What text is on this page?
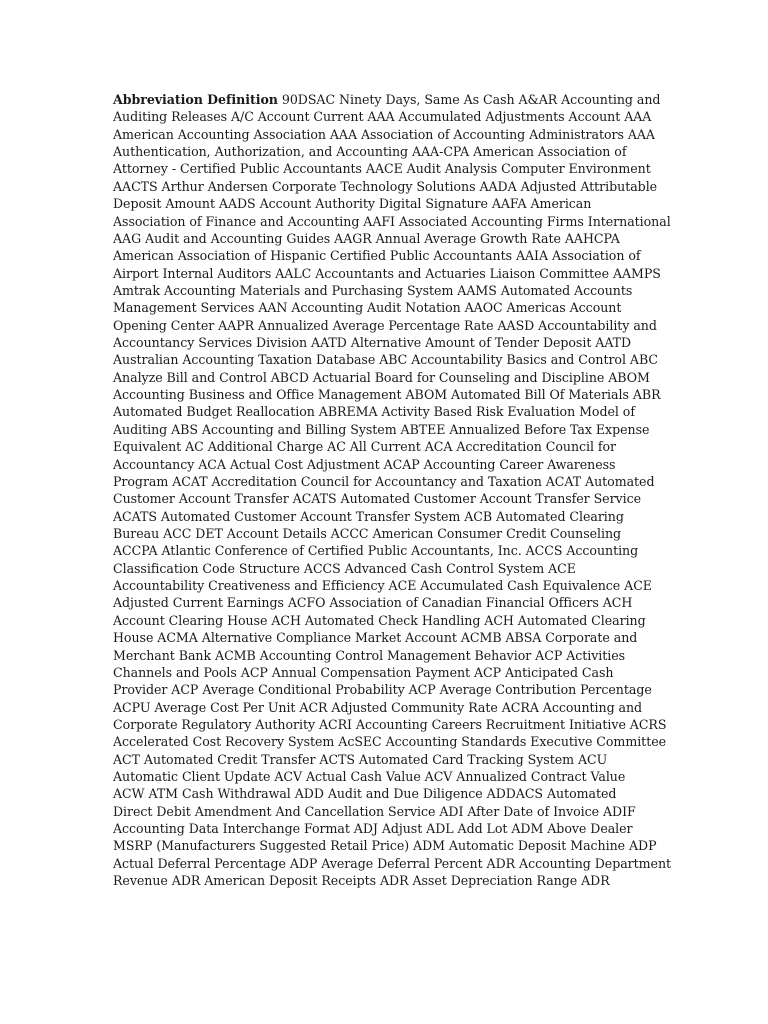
Abbreviation Definition 90DSAC Ninety Days, Same As Cash A&AR Accounting and
Auditing Releases A/C Account Current AAA Accumulated Adjustments Account AAA
American Accounting Association AAA Association of Accounting Administrators AAA
Authentication, Authorization, and Accounting AAA-CPA American Association of
Attorney - Certified Public Accountants AACE Audit Analysis Computer Environment
AACTS Arthur Andersen Corporate Technology Solutions AADA Adjusted Attributable
Deposit Amount AADS Account Authority Digital Signature AAFA American
Association of Finance and Accounting AAFI Associated Accounting Firms International
AAG Audit and Accounting Guides AAGR Annual Average Growth Rate AAHCPA
American Association of Hispanic Certified Public Accountants AAIA Association of
Airport Internal Auditors AALC Accountants and Actuaries Liaison Committee AAMPS
Amtrak Accounting Materials and Purchasing System AAMS Automated Accounts
Management Services AAN Accounting Audit Notation AAOC Americas Account
Opening Center AAPR Annualized Average Percentage Rate AASD Accountability and
Accountancy Services Division AATD Alternative Amount of Tender Deposit AATD
Australian Accounting Taxation Database ABC Accountability Basics and Control ABC
Analyze Bill and Control ABCD Actuarial Board for Counseling and Discipline ABOM
Accounting Business and Office Management ABOM Automated Bill Of Materials ABR
Automated Budget Reallocation ABREMA Activity Based Risk Evaluation Model of
Auditing ABS Accounting and Billing System ABTEE Annualized Before Tax Expense
Equivalent AC Additional Charge AC All Current ACA Accreditation Council for
Accountancy ACA Actual Cost Adjustment ACAP Accounting Career Awareness
Program ACAT Accreditation Council for Accountancy and Taxation ACAT Automated
Customer Account Transfer ACATS Automated Customer Account Transfer Service
ACATS Automated Customer Account Transfer System ACB Automated Clearing
Bureau ACC DET Account Details ACCC American Consumer Credit Counseling
ACCPA Atlantic Conference of Certified Public Accountants, Inc. ACCS Accounting
Classification Code Structure ACCS Advanced Cash Control System ACE
Accountability Creativeness and Efficiency ACE Accumulated Cash Equivalence ACE
Adjusted Current Earnings ACFO Association of Canadian Financial Officers ACH
Account Clearing House ACH Automated Check Handling ACH Automated Clearing
House ACMA Alternative Compliance Market Account ACMB ABSA Corporate and
Merchant Bank ACMB Accounting Control Management Behavior ACP Activities
Channels and Pools ACP Annual Compensation Payment ACP Anticipated Cash
Provider ACP Average Conditional Probability ACP Average Contribution Percentage
ACPU Average Cost Per Unit ACR Adjusted Community Rate ACRA Accounting and
Corporate Regulatory Authority ACRI Accounting Careers Recruitment Initiative ACRS
Accelerated Cost Recovery System AcSEC Accounting Standards Executive Committee
ACT Automated Credit Transfer ACTS Automated Card Tracking System ACU
Automatic Client Update ACV Actual Cash Value ACV Annualized Contract Value
ACW ATM Cash Withdrawal ADD Audit and Due Diligence ADDACS Automated
Direct Debit Amendment And Cancellation Service ADI After Date of Invoice ADIF
Accounting Data Interchange Format ADJ Adjust ADL Add Lot ADM Above Dealer
MSRP (Manufacturers Suggested Retail Price) ADM Automatic Deposit Machine ADP
Actual Deferral Percentage ADP Average Deferral Percent ADR Accounting Department
Revenue ADR American Deposit Receipts ADR Asset Depreciation Range ADR
